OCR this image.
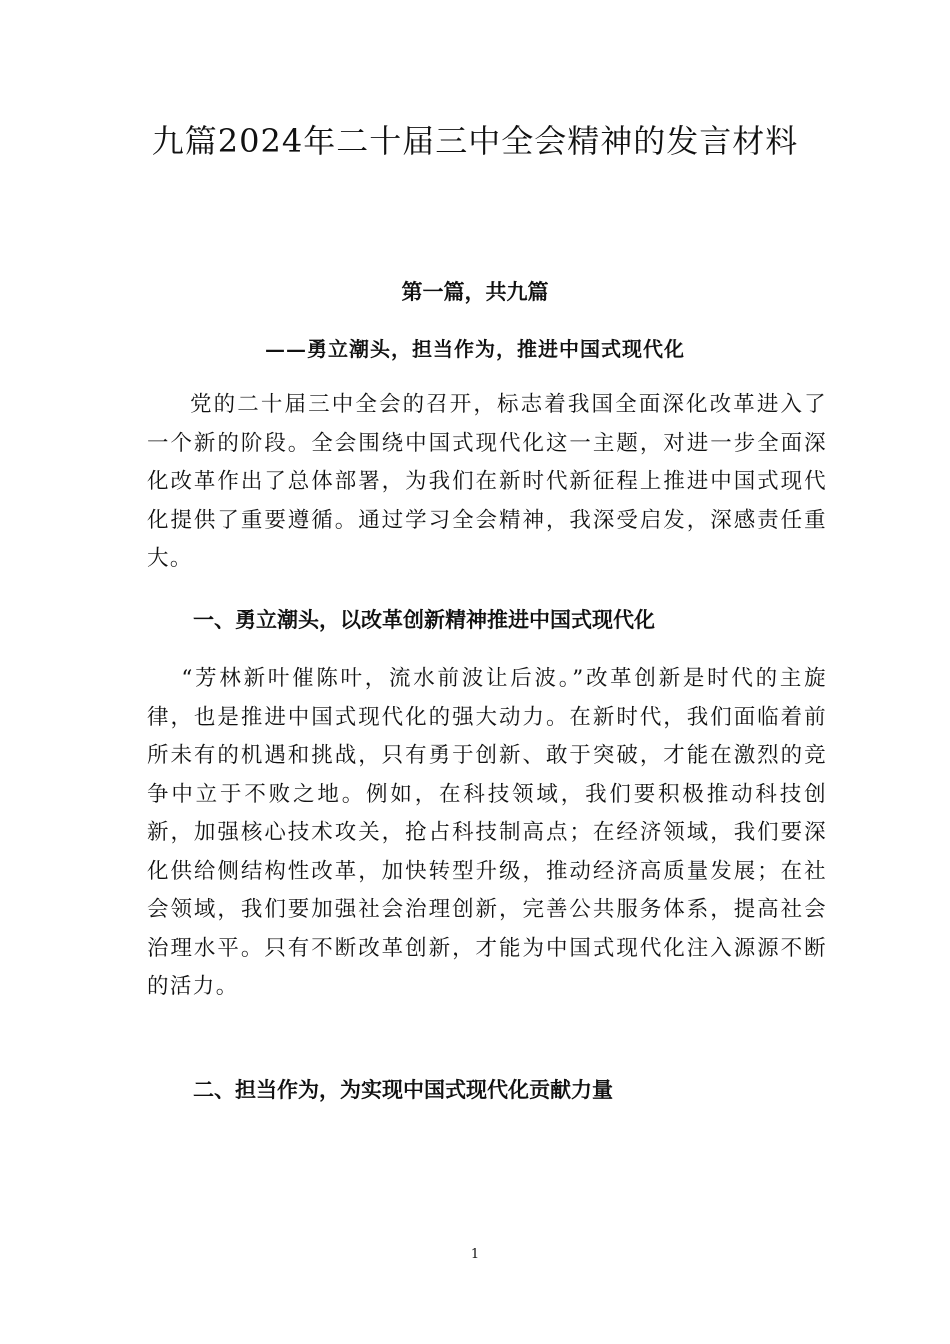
九篇2024年二十届三中全会精神的发言材料
第一篇，共九篇
——勇立潮头，担当作为，推进中国式现代化

党的二十届三中全会的召开，标志着我国全面深化改革进入了一个新的阶段。全会围绕中国式现代化这一主题，对进一步全面深化改革作出了总体部署，为我们在新时代新征程上推进中国式现代化提供了重要遵循。通过学习全会精神，我深受启发，深感责任重大。

一、勇立潮头，以改革创新精神推进中国式现代化

“芳林新叶催陈叶，流水前波让后波。”改革创新是时代的主旋律，也是推进中国式现代化的强大动力。在新时代，我们面临着前所未有的机遇和挑战，只有勇于创新、敢于突破，才能在激烈的竞争中立于不败之地。例如，在科技领域，我们要积极推动科技创新，加强核心技术攻关，抢占科技制高点；在经济领域，我们要深化供给侧结构性改革，加快转型升级，推动经济高质量发展；在社会领域，我们要加强社会治理创新，完善公共服务体系，提高社会治理水平。只有不断改革创新，才能为中国式现代化注入源源不断的活力。

二、担当作为，为实现中国式现代化贡献力量
1
